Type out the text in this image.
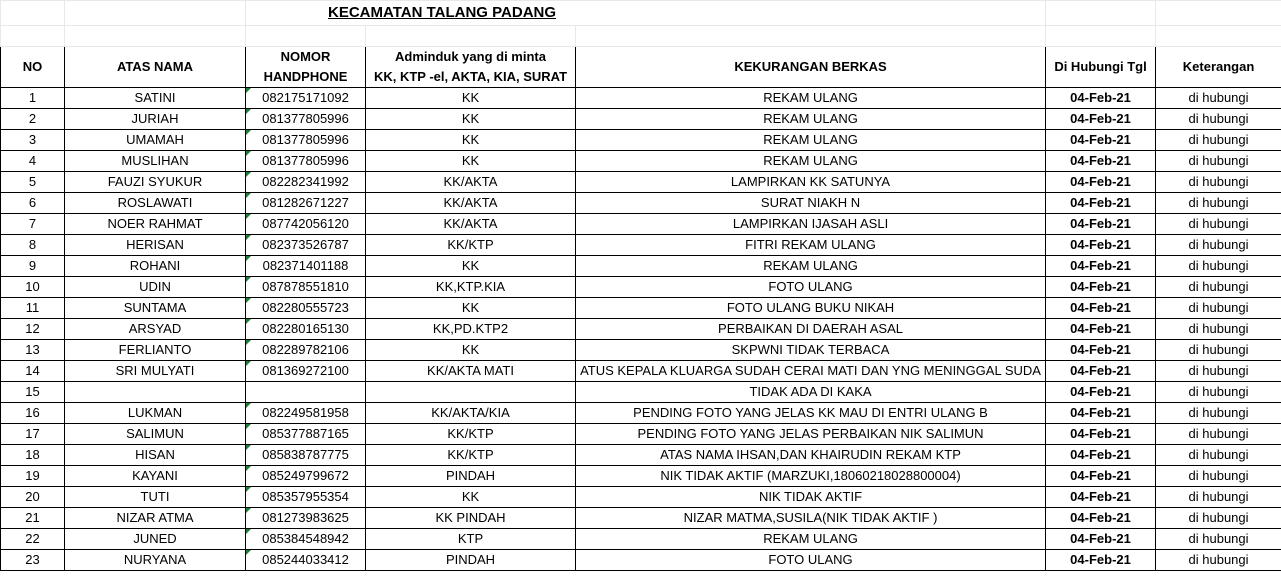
		KECAMATAN TALANG PADANG				

NO	ATAS NAMA	NOMOR	Adminduk yang di minta	KEKURANGAN BERKAS	Di Hubungi Tgl	Keterangan
		HANDPHONE	KK, KTP -el, AKTA, KIA, SURAT			
1	SATINI	082175171092	KK	REKAM ULANG	04-Feb-21	di hubungi
2	JURIAH	081377805996	KK	REKAM ULANG	04-Feb-21	di hubungi
3	UMAMAH	081377805996	KK	REKAM ULANG	04-Feb-21	di hubungi
4	MUSLIHAN	081377805996	KK	REKAM ULANG	04-Feb-21	di hubungi
5	FAUZI SYUKUR	082282341992	KK/AKTA	LAMPIRKAN KK SATUNYA	04-Feb-21	di hubungi
6	ROSLAWATI	081282671227	KK/AKTA	SURAT NIAKH N	04-Feb-21	di hubungi
7	NOER RAHMAT	087742056120	KK/AKTA	LAMPIRKAN IJASAH ASLI	04-Feb-21	di hubungi
8	HERISAN	082373526787	KK/KTP	FITRI REKAM ULANG	04-Feb-21	di hubungi
9	ROHANI	082371401188	KK	REKAM ULANG	04-Feb-21	di hubungi
10	UDIN	087878551810	KK,KTP.KIA	FOTO ULANG	04-Feb-21	di hubungi
11	SUNTAMA	082280555723	KK	FOTO ULANG BUKU NIKAH	04-Feb-21	di hubungi
12	ARSYAD	082280165130	KK,PD.KTP2	PERBAIKAN DI DAERAH ASAL	04-Feb-21	di hubungi
13	FERLIANTO	082289782106	KK	SKPWNI TIDAK TERBACA	04-Feb-21	di hubungi
14	SRI MULYATI	081369272100	KK/AKTA MATI	ATUS KEPALA KLUARGA SUDAH CERAI MATI DAN YNG MENINGGAL SUDA	04-Feb-21	di hubungi
15				TIDAK ADA DI KAKA	04-Feb-21	di hubungi
16	LUKMAN	082249581958	KK/AKTA/KIA	PENDING FOTO YANG JELAS KK MAU DI ENTRI ULANG B	04-Feb-21	di hubungi
17	SALIMUN	085377887165	KK/KTP	PENDING FOTO YANG JELAS PERBAIKAN NIK SALIMUN	04-Feb-21	di hubungi
18	HISAN	085838787775	KK/KTP	ATAS NAMA IHSAN,DAN KHAIRUDIN REKAM KTP	04-Feb-21	di hubungi
19	KAYANI	085249799672	PINDAH	NIK TIDAK AKTIF (MARZUKI,18060218028800004)	04-Feb-21	di hubungi
20	TUTI	085357955354	KK	NIK TIDAK AKTIF	04-Feb-21	di hubungi
21	NIZAR ATMA	081273983625	KK PINDAH	NIZAR MATMA,SUSILA(NIK TIDAK AKTIF )	04-Feb-21	di hubungi
22	JUNED	085384548942	KTP	REKAM ULANG	04-Feb-21	di hubungi
23	NURYANA	085244033412	PINDAH	FOTO ULANG	04-Feb-21	di hubungi
